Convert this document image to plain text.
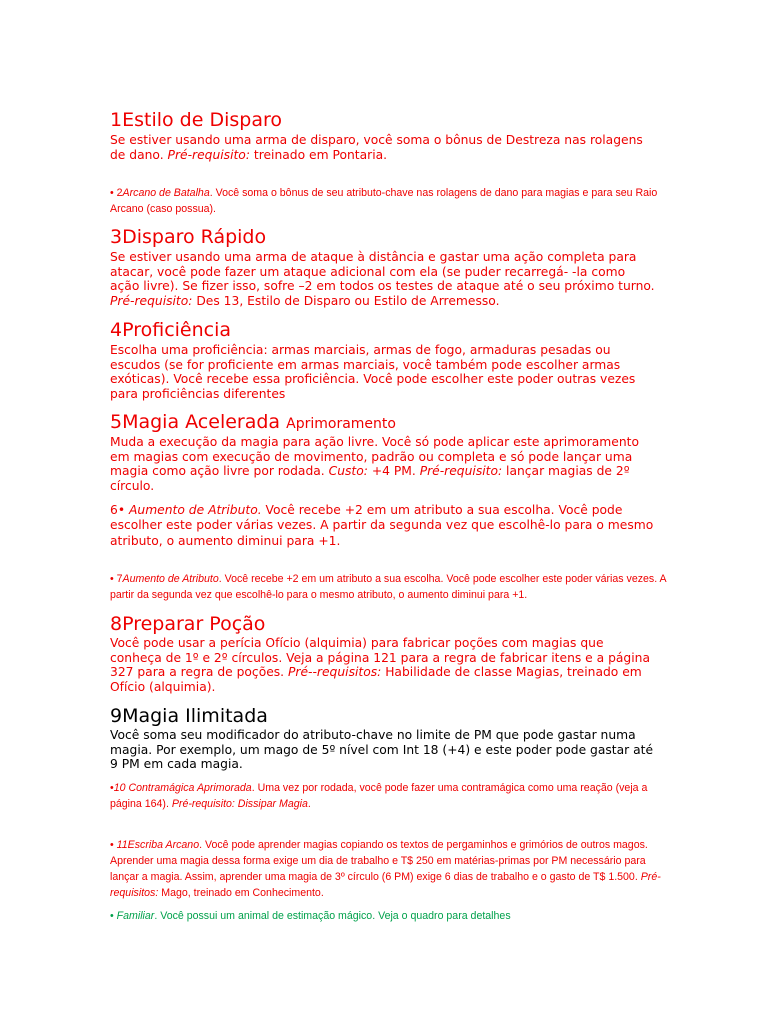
1Estilo de Disparo
Se estiver usando uma arma de disparo, você soma o bônus de Destreza nas rolagens de dano. Pré-requisito: treinado em Pontaria.
• 2Arcano de Batalha. Você soma o bônus de seu atributo-chave nas rolagens de dano para magias e para seu Raio Arcano (caso possua).
3Disparo Rápido
Se estiver usando uma arma de ataque à distância e gastar uma ação completa para atacar, você pode fazer um ataque adicional com ela (se puder recarregá- -la como ação livre). Se fizer isso, sofre –2 em todos os testes de ataque até o seu próximo turno. Pré-requisito: Des 13, Estilo de Disparo ou Estilo de Arremesso.
4Proficiência
Escolha uma proficiência: armas marciais, armas de fogo, armaduras pesadas ou escudos (se for proficiente em armas marciais, você também pode escolher armas exóticas). Você recebe essa proficiência. Você pode escolher este poder outras vezes para proficiências diferentes
5Magia Acelerada Aprimoramento
Muda a execução da magia para ação livre. Você só pode aplicar este aprimoramento em magias com execução de movimento, padrão ou completa e só pode lançar uma magia como ação livre por rodada. Custo: +4 PM. Pré-requisito: lançar magias de 2º círculo.
6• Aumento de Atributo. Você recebe +2 em um atributo a sua escolha. Você pode escolher este poder várias vezes. A partir da segunda vez que escolhê-lo para o mesmo atributo, o aumento diminui para +1.
• 7Aumento de Atributo. Você recebe +2 em um atributo a sua escolha. Você pode escolher este poder várias vezes. A partir da segunda vez que escolhê-lo para o mesmo atributo, o aumento diminui para +1.
8Preparar Poção
Você pode usar a perícia Ofício (alquimia) para fabricar poções com magias que conheça de 1º e 2º círculos. Veja a página 121 para a regra de fabricar itens e a página 327 para a regra de poções. Pré--requisitos: Habilidade de classe Magias, treinado em Ofício (alquimia).
9Magia Ilimitada
Você soma seu modificador do atributo-chave no limite de PM que pode gastar numa magia. Por exemplo, um mago de 5º nível com Int 18 (+4) e este poder pode gastar até 9 PM em cada magia.
•10 Contramágica Aprimorada. Uma vez por rodada, você pode fazer uma contramágica como uma reação (veja a página 164). Pré-requisito: Dissipar Magia.
• 11Escriba Arcano. Você pode aprender magias copiando os textos de pergaminhos e grimórios de outros magos. Aprender uma magia dessa forma exige um dia de trabalho e T$ 250 em matérias-primas por PM necessário para lançar a magia. Assim, aprender uma magia de 3º círculo (6 PM) exige 6 dias de trabalho e o gasto de T$ 1.500. Pré-requisitos: Mago, treinado em Conhecimento.
• Familiar. Você possui um animal de estimação mágico. Veja o quadro para detalhes
